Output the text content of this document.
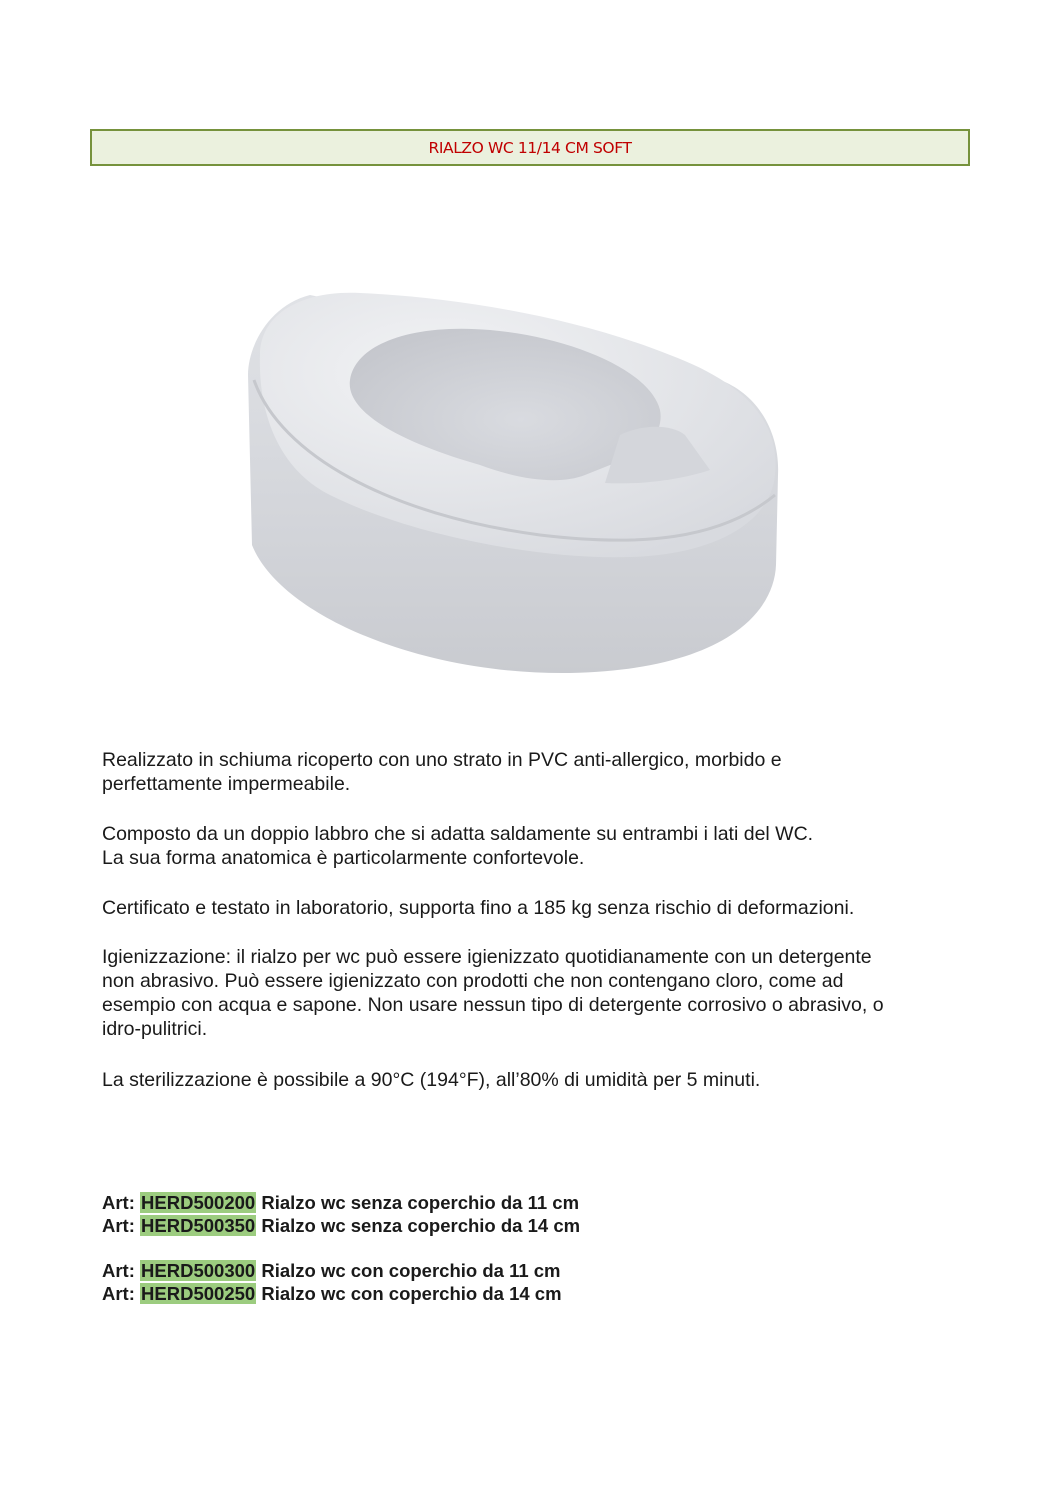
RIALZO WC 11/14 CM SOFT

Realizzato in schiuma ricoperto con uno strato in PVC anti-allergico, morbido e
perfettamente impermeabile.

Composto da un doppio labbro che si adatta saldamente su entrambi i lati del WC.
La sua forma anatomica è particolarmente confortevole.

Certificato e testato in laboratorio, supporta fino a 185 kg senza rischio di deformazioni.

Igienizzazione: il rialzo per wc può essere igienizzato quotidianamente con un detergente
non abrasivo. Può essere igienizzato con prodotti che non contengano cloro, come ad
esempio con acqua e sapone. Non usare nessun tipo di detergente corrosivo o abrasivo, o
idro-pulitrici.

La sterilizzazione è possibile a 90°C (194°F), all’80% di umidità per 5 minuti.

Art: HERD500200 Rialzo wc senza coperchio da 11 cm
Art: HERD500350 Rialzo wc senza coperchio da 14 cm
Art: HERD500300 Rialzo wc con coperchio da 11 cm
Art: HERD500250 Rialzo wc con coperchio da 14 cm
